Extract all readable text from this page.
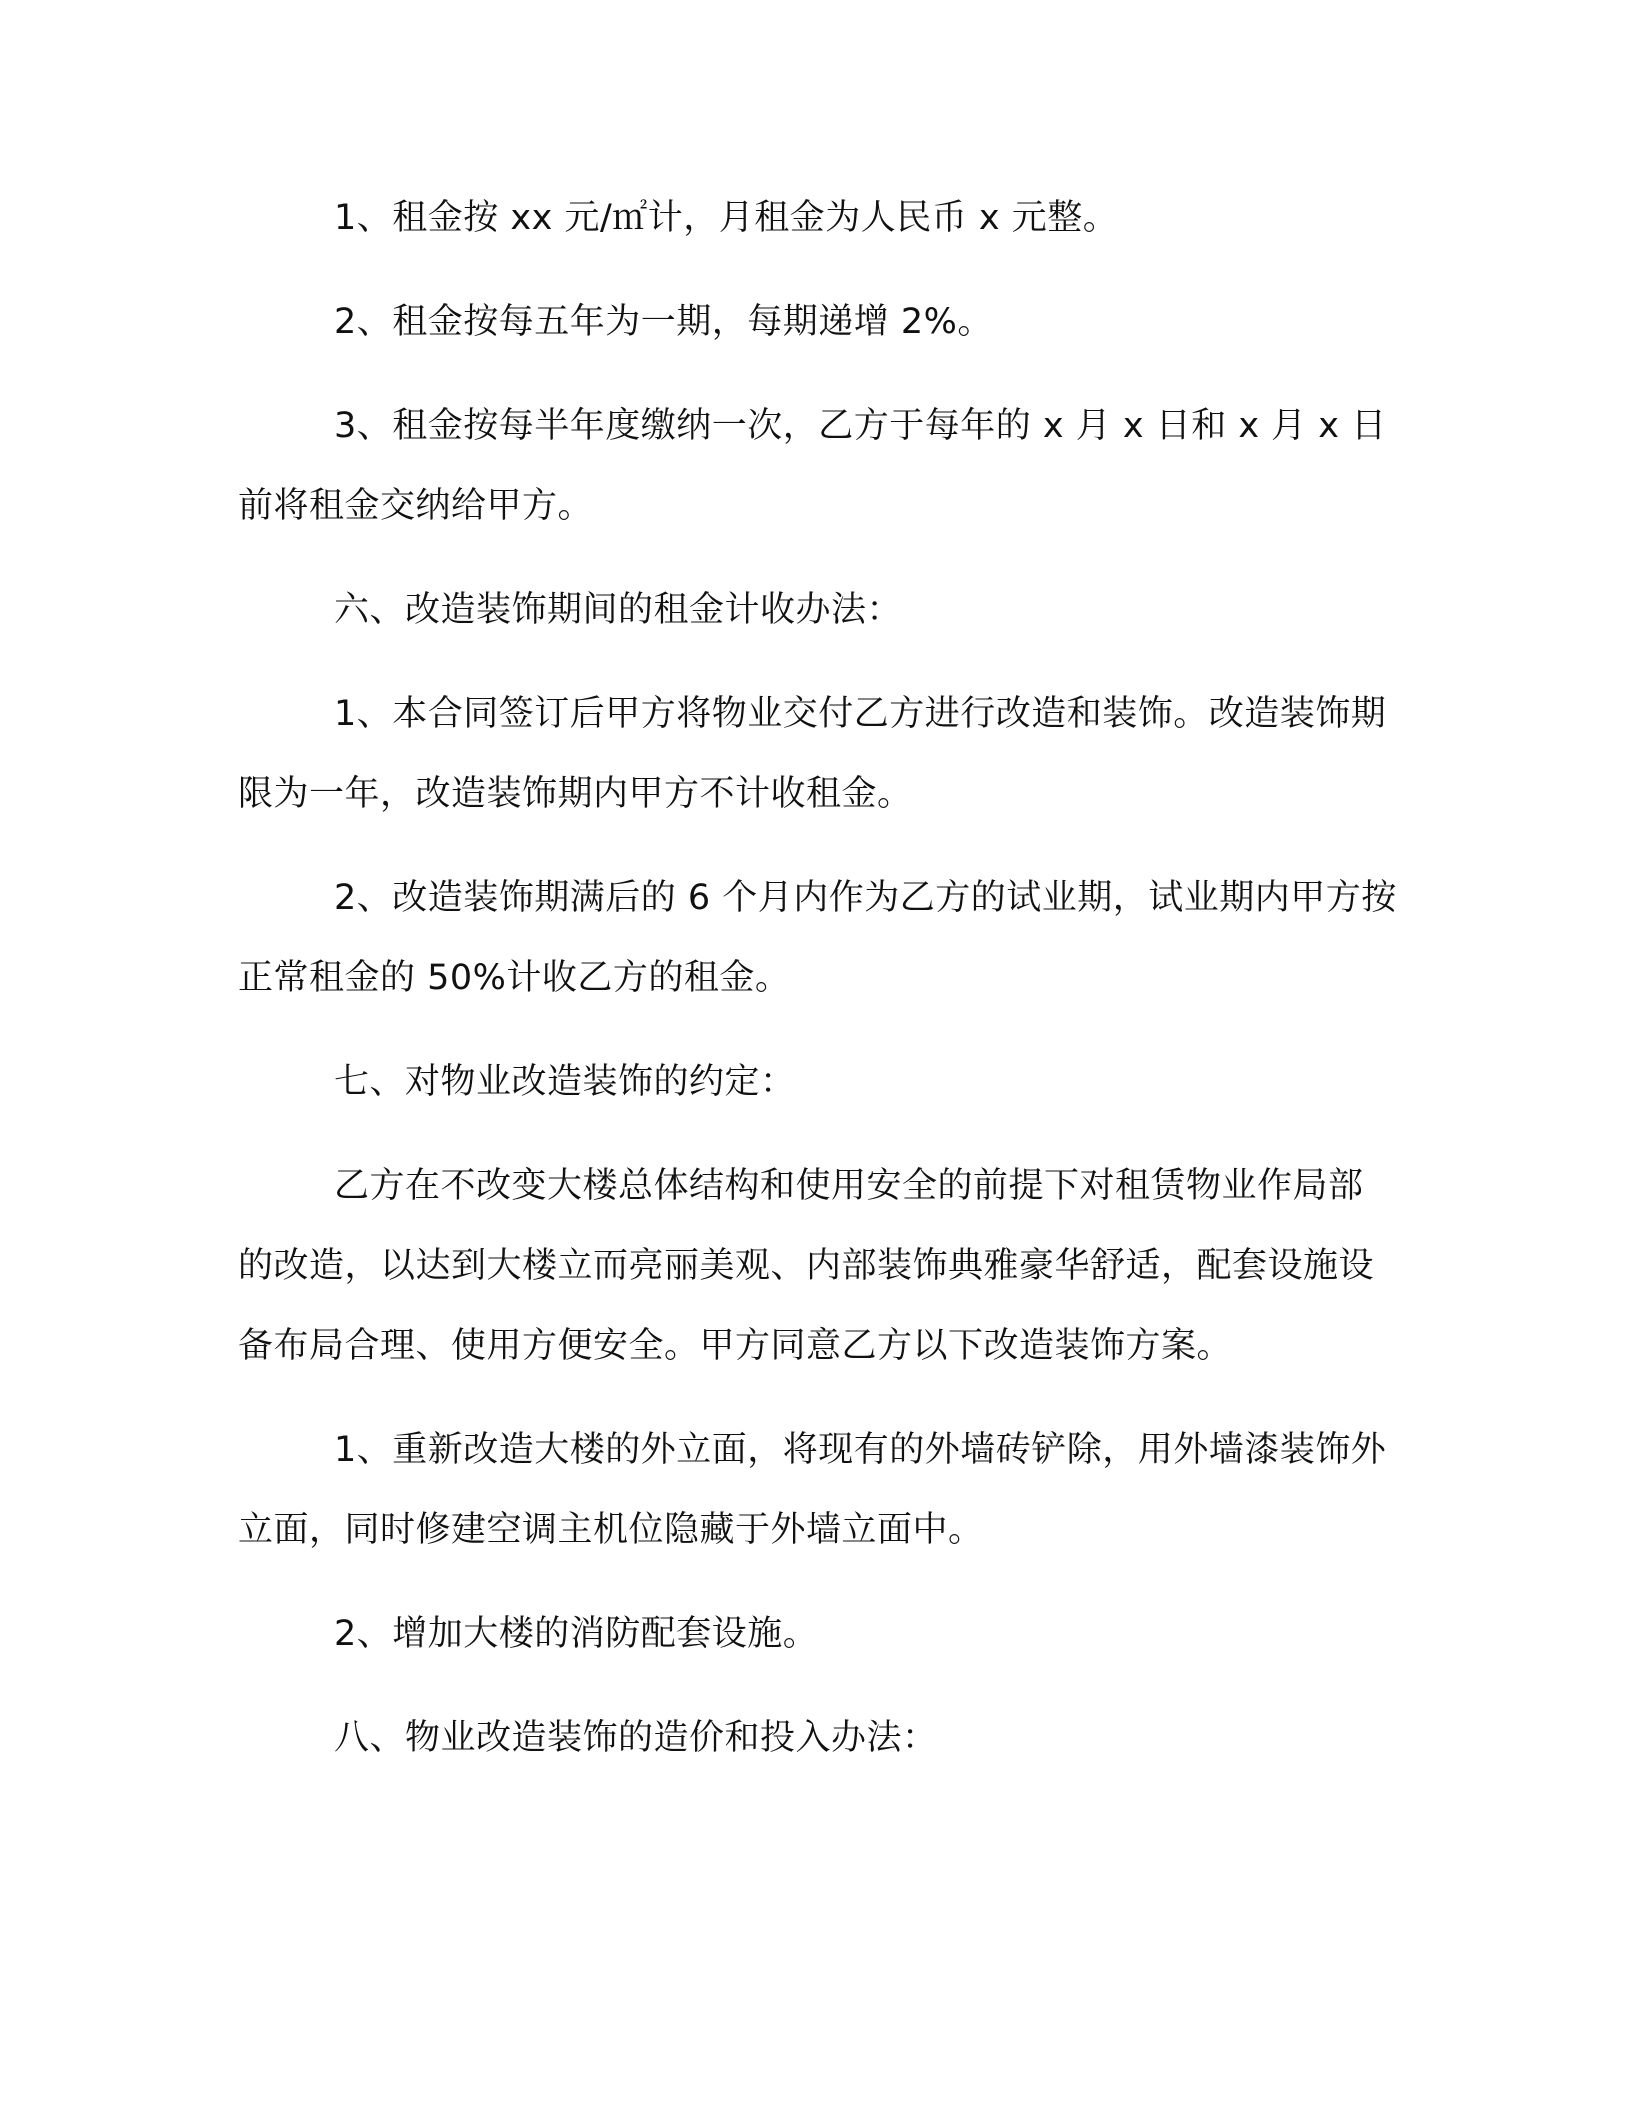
1、租金按 xx 元/㎡计，月租金为人民币 x 元整。

2、租金按每五年为一期，每期递增 2%。

3、租金按每半年度缴纳一次，乙方于每年的 x 月 x 日和 x 月 x 日前将租金交纳给甲方。

六、改造装饰期间的租金计收办法：

1、本合同签订后甲方将物业交付乙方进行改造和装饰。改造装饰期限为一年，改造装饰期内甲方不计收租金。

2、改造装饰期满后的 6 个月内作为乙方的试业期，试业期内甲方按正常租金的 50%计收乙方的租金。

七、对物业改造装饰的约定：

乙方在不改变大楼总体结构和使用安全的前提下对租赁物业作局部的改造，以达到大楼立而亮丽美观、内部装饰典雅豪华舒适，配套设施设备布局合理、使用方便安全。甲方同意乙方以下改造装饰方案。

1、重新改造大楼的外立面，将现有的外墙砖铲除，用外墙漆装饰外立面，同时修建空调主机位隐藏于外墙立面中。

2、增加大楼的消防配套设施。

八、物业改造装饰的造价和投入办法：
